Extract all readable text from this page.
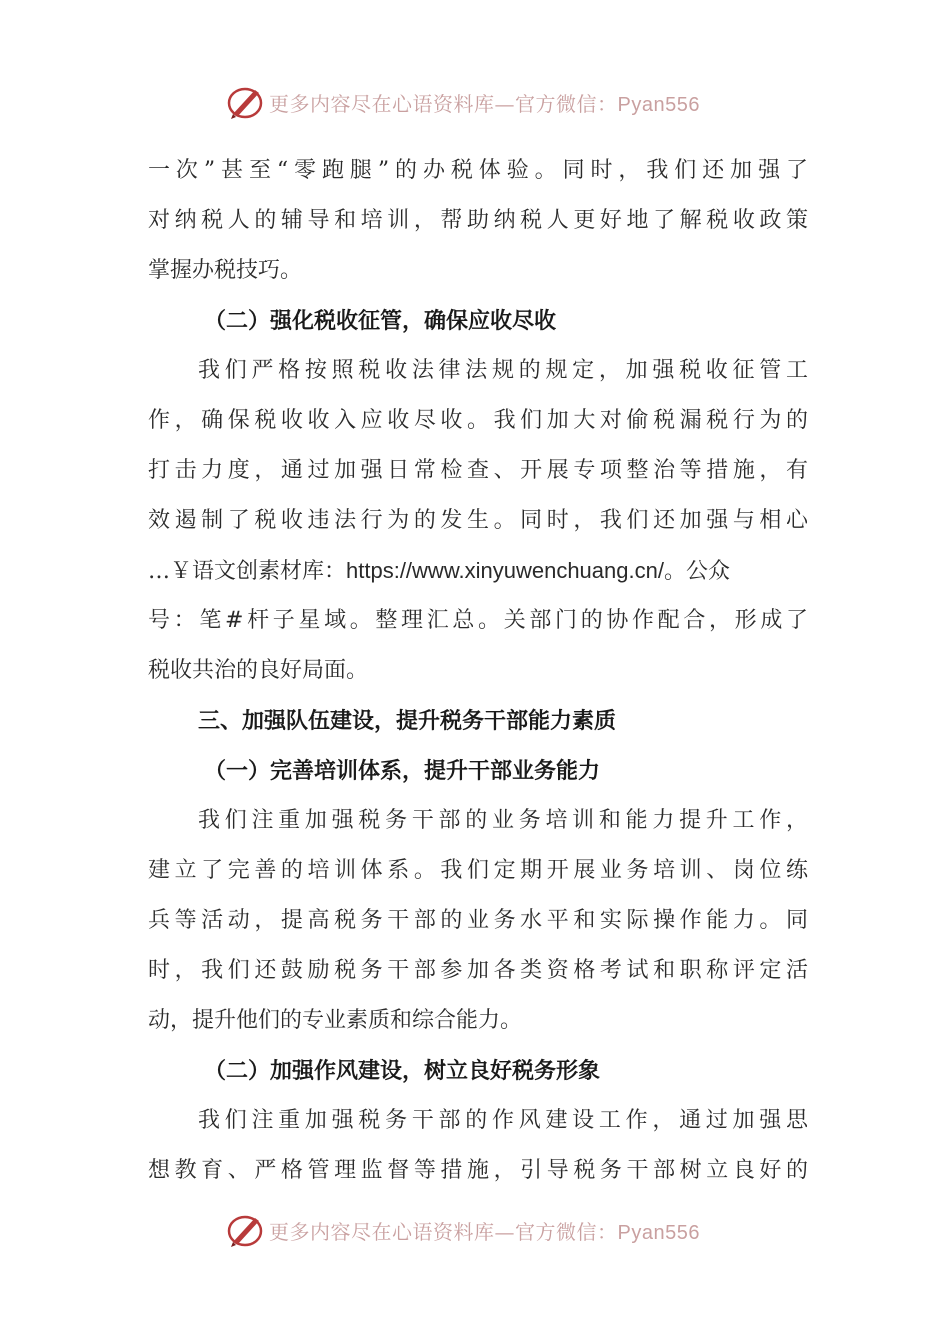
更多内容尽在心语资料库—官方微信：Pyan556
一次”甚至“零跑腿”的办税体验。同时，我们还加强了
对纳税人的辅导和培训，帮助纳税人更好地了解税收政策
掌握办税技巧。
（二）强化税收征管，确保应收尽收
我们严格按照税收法律法规的规定，加强税收征管工
作，确保税收收入应收尽收。我们加大对偷税漏税行为的
打击力度，通过加强日常检查、开展专项整治等措施，有
效遏制了税收违法行为的发生。同时，我们还加强与相心
…￥语文创素材库：https://www.xinyuwenchuang.cn/。公众
号：笔#杆子星域。整理汇总。关部门的协作配合，形成了
税收共治的良好局面。
三、加强队伍建设，提升税务干部能力素质
（一）完善培训体系，提升干部业务能力
我们注重加强税务干部的业务培训和能力提升工作，
建立了完善的培训体系。我们定期开展业务培训、岗位练
兵等活动，提高税务干部的业务水平和实际操作能力。同
时，我们还鼓励税务干部参加各类资格考试和职称评定活
动，提升他们的专业素质和综合能力。
（二）加强作风建设，树立良好税务形象
我们注重加强税务干部的作风建设工作，通过加强思
想教育、严格管理监督等措施，引导税务干部树立良好的
更多内容尽在心语资料库—官方微信：Pyan556
